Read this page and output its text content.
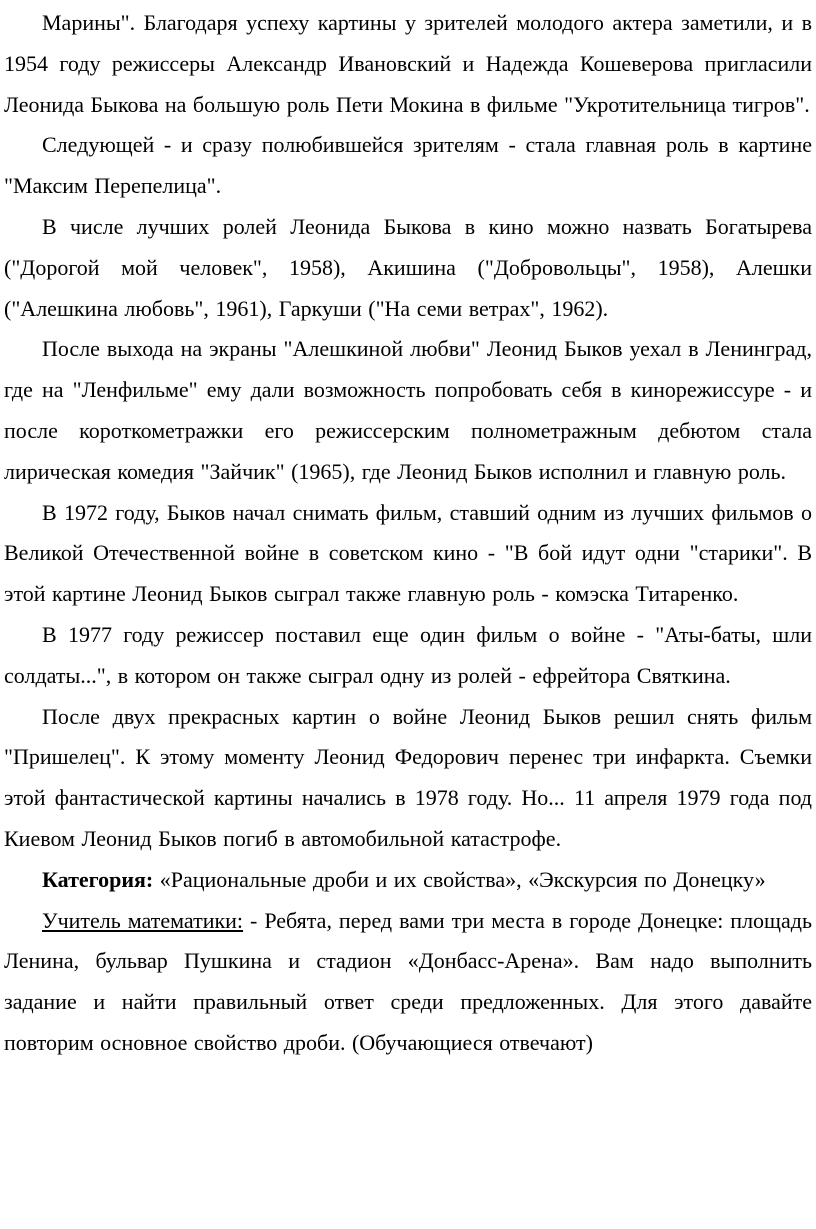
Марины". Благодаря успеху картины у зрителей молодого актера заметили, и в 1954 году режиссеры Александр Ивановский и Надежда Кошеверова пригласили Леонида Быкова на большую роль Пети Мокина в фильме "Укротительница тигров".

Следующей - и сразу полюбившейся зрителям - стала главная роль в картине "Максим Перепелица".

В числе лучших ролей Леонида Быкова в кино можно назвать Богатырева ("Дорогой мой человек", 1958), Акишина ("Добровольцы", 1958), Алешки ("Алешкина любовь", 1961), Гаркуши ("На семи ветрах", 1962).

После выхода на экраны "Алешкиной любви" Леонид Быков уехал в Ленинград, где на "Ленфильме" ему дали возможность попробовать себя в кинорежиссуре - и после короткометражки его режиссерским полнометражным дебютом стала лирическая комедия "Зайчик" (1965), где Леонид Быков исполнил и главную роль.

В 1972 году, Быков начал снимать фильм, ставший одним из лучших фильмов о Великой Отечественной войне в советском кино - "В бой идут одни "старики". В этой картине Леонид Быков сыграл также главную роль - комэска Титаренко.

В 1977 году режиссер поставил еще один фильм о войне - "Аты-баты, шли солдаты...", в котором он также сыграл одну из ролей - ефрейтора Святкина.

После двух прекрасных картин о войне Леонид Быков решил снять фильм "Пришелец". К этому моменту Леонид Федорович перенес три инфаркта. Съемки этой фантастической картины начались в 1978 году. Но... 11 апреля 1979 года под Киевом Леонид Быков погиб в автомобильной катастрофе.

Категория: «Рациональные дроби и их свойства», «Экскурсия по Донецку»

Учитель математики: - Ребята, перед вами три места в городе Донецке: площадь Ленина, бульвар Пушкина и стадион «Донбасс-Арена». Вам надо выполнить задание и найти правильный ответ среди предложенных. Для этого давайте повторим основное свойство дроби. (Обучающиеся отвечают)
